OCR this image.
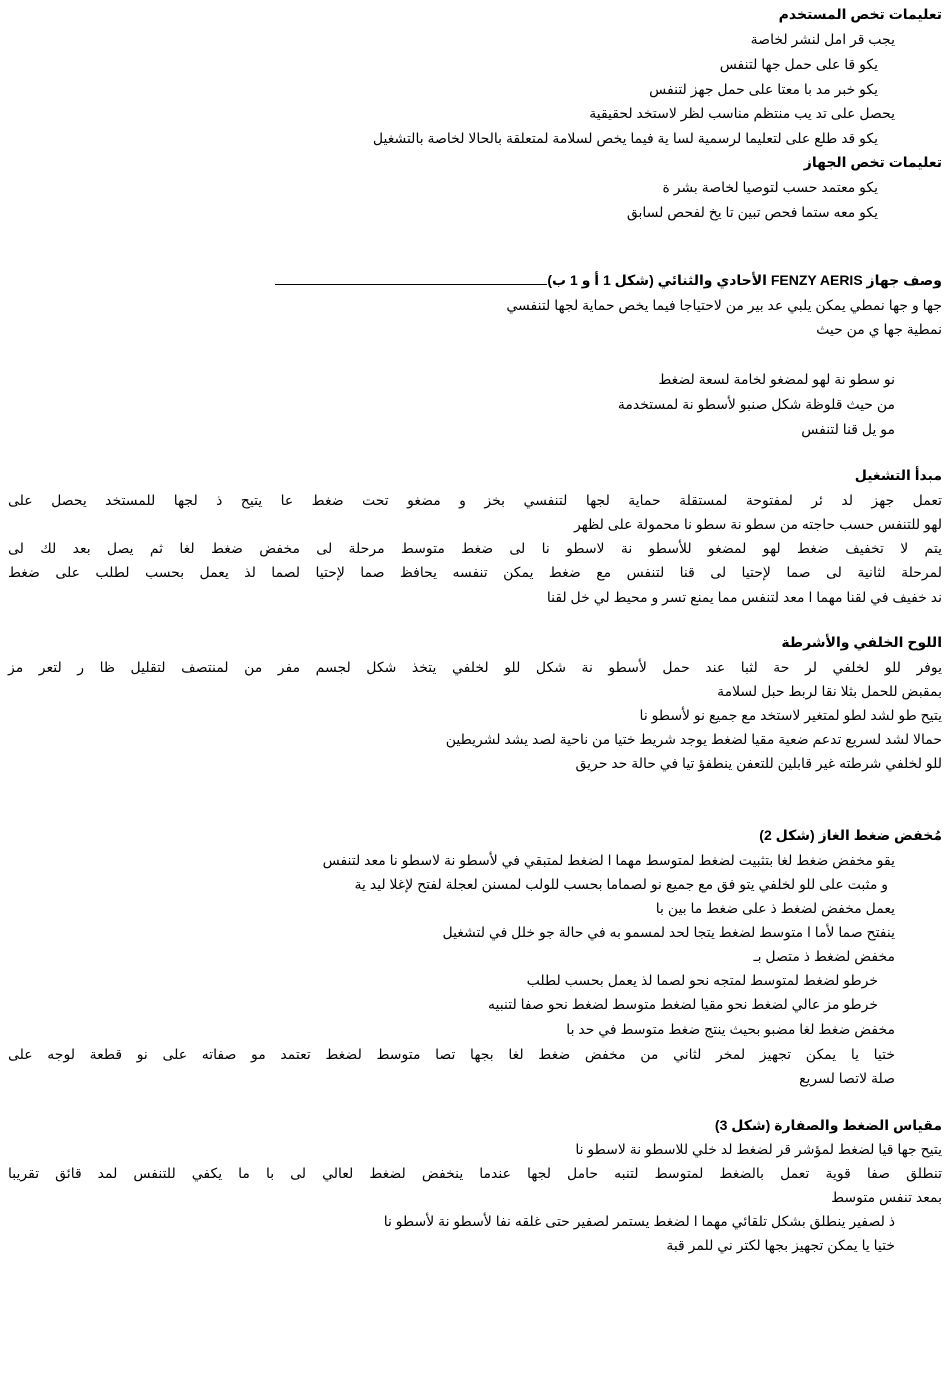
تعليمات تخص المستخدم
يجب قر امل لنشر لخاصة
يكو قا على حمل جها لتنفس
يكو خبر مد با معتا على حمل جهز لتنفس
يحصل على تد يب منتظم مناسب لظر لاستخد لحقيقية
يكو قد طلع على لتعليما لرسمية لسا ية فيما يخص لسلامة لمتعلقة بالحالا لخاصة بالتشغيل
تعليمات تخص الجهاز
يكو معتمد حسب لتوصيا لخاصة بشر ة
يكو معه ستما فحص تبين تا يخ لفحص لسابق
وصف جهاز FENZY AERIS الأحادي والثنائي (شكل 1 أ و 1 ب)
جها و جها نمطي يمكن يلبي عد بير من لاحتياجا فيما يخص حماية لجها لتنفسي
نمطية جها ي من حيث
نو سطو نة لهو لمضغو لخامة لسعة لضغط
من حيث قلوظة شكل صنبو لأسطو نة لمستخدمة
مو يل قنا لتنفس
مبدأ التشغيل
تعمل جهز لد ئر لمفتوحة لمستقلة حماية لجها لتنفسي بخز و مضغو تحت ضغط عا يتيح ذ لجها للمستخد يحصل على
لهو للتنفس حسب حاجته من سطو نة سطو نا محمولة على لظهر
يتم لا تخفيف ضغط لهو لمضغو للأسطو نة لاسطو نا لى ضغط متوسط مرحلة لى مخفض ضغط لغا ثم يصل بعد لك لى
لمرحلة لثانية لى صما لإحتيا لى قنا لتنفس مع ضغط يمكن تنفسه يحافظ صما لإحتيا لصما لذ يعمل بحسب لطلب على ضغط
ند خفيف في لقنا مهما ا معد لتنفس مما يمنع تسر و محيط لي خل لقنا
اللوح الخلفي والأشرطة
يوفر للو لخلفي لر حة لثبا عند حمل لأسطو نة شكل للو لخلفي يتخذ شكل لجسم مفر من لمنتصف لتقليل ظا ر لتعر مز
بمقبض للحمل بثلا نقا لربط حبل لسلامة
يتيح طو لشد لطو لمتغير لاستخد مع جميع نو لأسطو نا
حمالا لشد لسريع تدعم ضعية مقيا لضغط يوجد شريط ختيا من ناحية لصد يشد لشريطين
للو لخلفي شرطته غير قابلين للتعفن ينطفؤ تيا في حالة حد حريق
مُخفض ضغط الغاز (شكل 2)
يقو مخفض ضغط لغا بتثبيت لضغط لمتوسط مهما ا لضغط لمتبقي في لأسطو نة لاسطو نا معد لتنفس
و مثبت على للو لخلفي يتو فق مع جميع نو لصماما بحسب للولب لمسنن لعجلة لفتح لإغلا ليد ية
يعمل مخفض لضغط ذ على ضغط ما بين با
ينفتح صما لأما ا متوسط لضغط يتجا لحد لمسمو به في حالة جو خلل في لتشغيل
مخفض لضغط ذ متصل بـ
خرطو لضغط لمتوسط لمتجه نحو لصما لذ يعمل بحسب لطلب
خرطو مز عالي لضغط نحو مقيا لضغط متوسط لضغط نحو صفا لتنبيه
مخفض ضغط لغا مضبو بحيث ينتج ضغط متوسط في حد با
ختيا يا يمكن تجهيز لمخر لثاني من مخفض ضغط لغا بجها تصا متوسط لضغط تعتمد مو صفاته على نو قطعة لوجه على
صلة لاتصا لسريع
مقياس الضغط والصفارة (شكل 3)
يتيح جها قيا لضغط لمؤشر قر لضغط لد خلي للاسطو نة لاسطو نا
تنطلق صفا قوية تعمل بالضغط لمتوسط لتنبه حامل لجها عندما ينخفض لضغط لعالي لى با ما يكفي للتنفس لمد قائق تقريبا
بمعد تنفس متوسط
ذ لصفير ينطلق بشكل تلقائي مهما ا لضغط يستمر لصفير حتى غلقه نفا لأسطو نة لأسطو نا
ختيا يا يمكن تجهيز بجها لكتر ني للمر قبة
